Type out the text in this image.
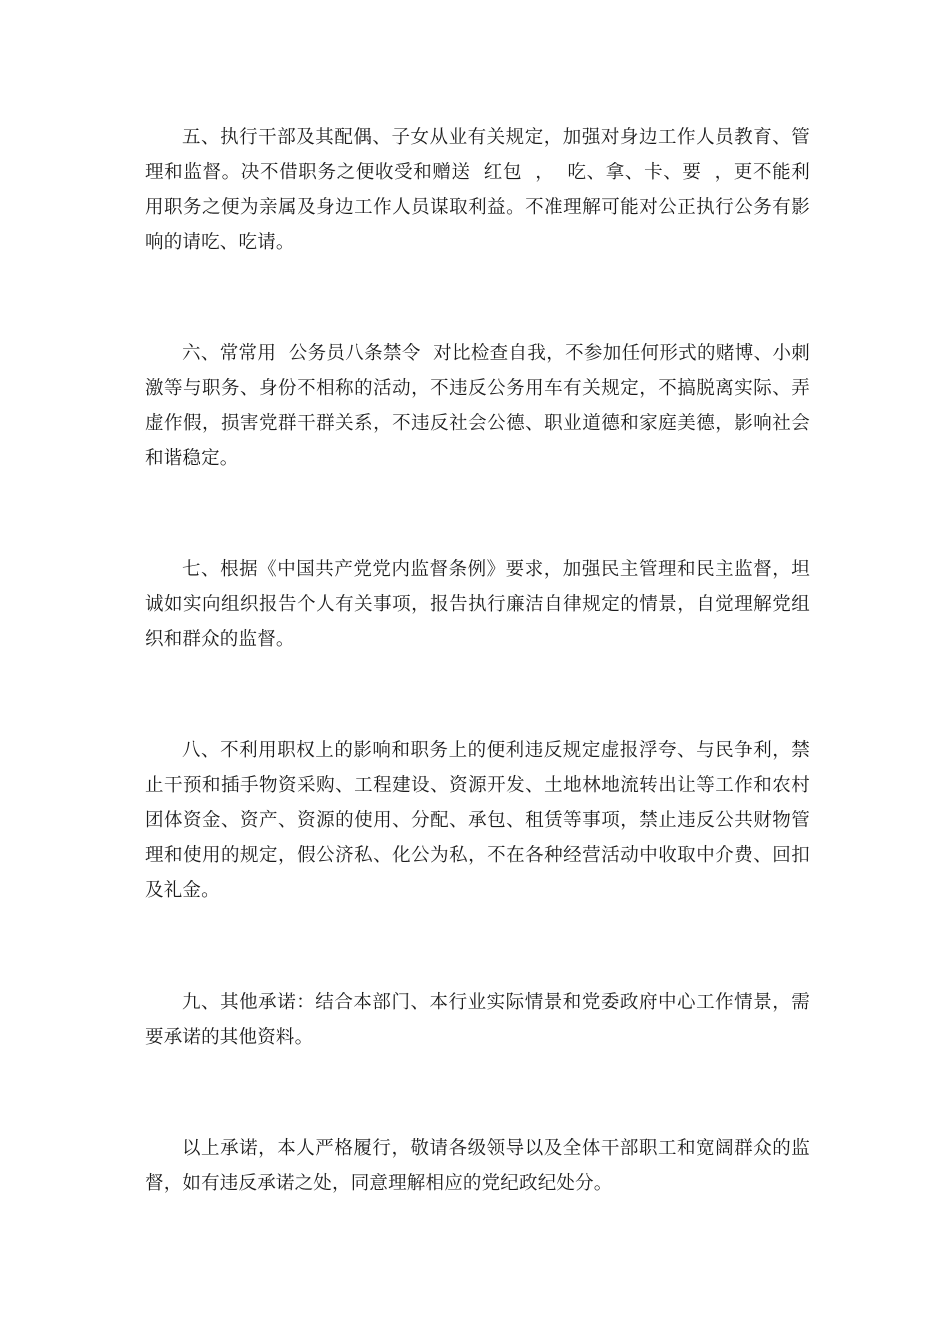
五、执行干部及其配偶、子女从业有关规定，加强对身边工作人员教育、管理和监督。决不借职务之便收受和赠送  红包  ，  吃、拿、卡、要  ，更不能利用职务之便为亲属及身边工作人员谋取利益。不准理解可能对公正执行公务有影响的请吃、吃请。

六、常常用  公务员八条禁令  对比检查自我，不参加任何形式的赌博、小刺激等与职务、身份不相称的活动，不违反公务用车有关规定，不搞脱离实际、弄虚作假，损害党群干群关系，不违反社会公德、职业道德和家庭美德，影响社会和谐稳定。

七、根据《中国共产党党内监督条例》要求，加强民主管理和民主监督，坦诚如实向组织报告个人有关事项，报告执行廉洁自律规定的情景，自觉理解党组织和群众的监督。

八、不利用职权上的影响和职务上的便利违反规定虚报浮夸、与民争利，禁止干预和插手物资采购、工程建设、资源开发、土地林地流转出让等工作和农村团体资金、资产、资源的使用、分配、承包、租赁等事项，禁止违反公共财物管理和使用的规定，假公济私、化公为私，不在各种经营活动中收取中介费、回扣及礼金。

九、其他承诺：结合本部门、本行业实际情景和党委政府中心工作情景，需要承诺的其他资料。

以上承诺，本人严格履行，敬请各级领导以及全体干部职工和宽阔群众的监督，如有违反承诺之处，同意理解相应的党纪政纪处分。
